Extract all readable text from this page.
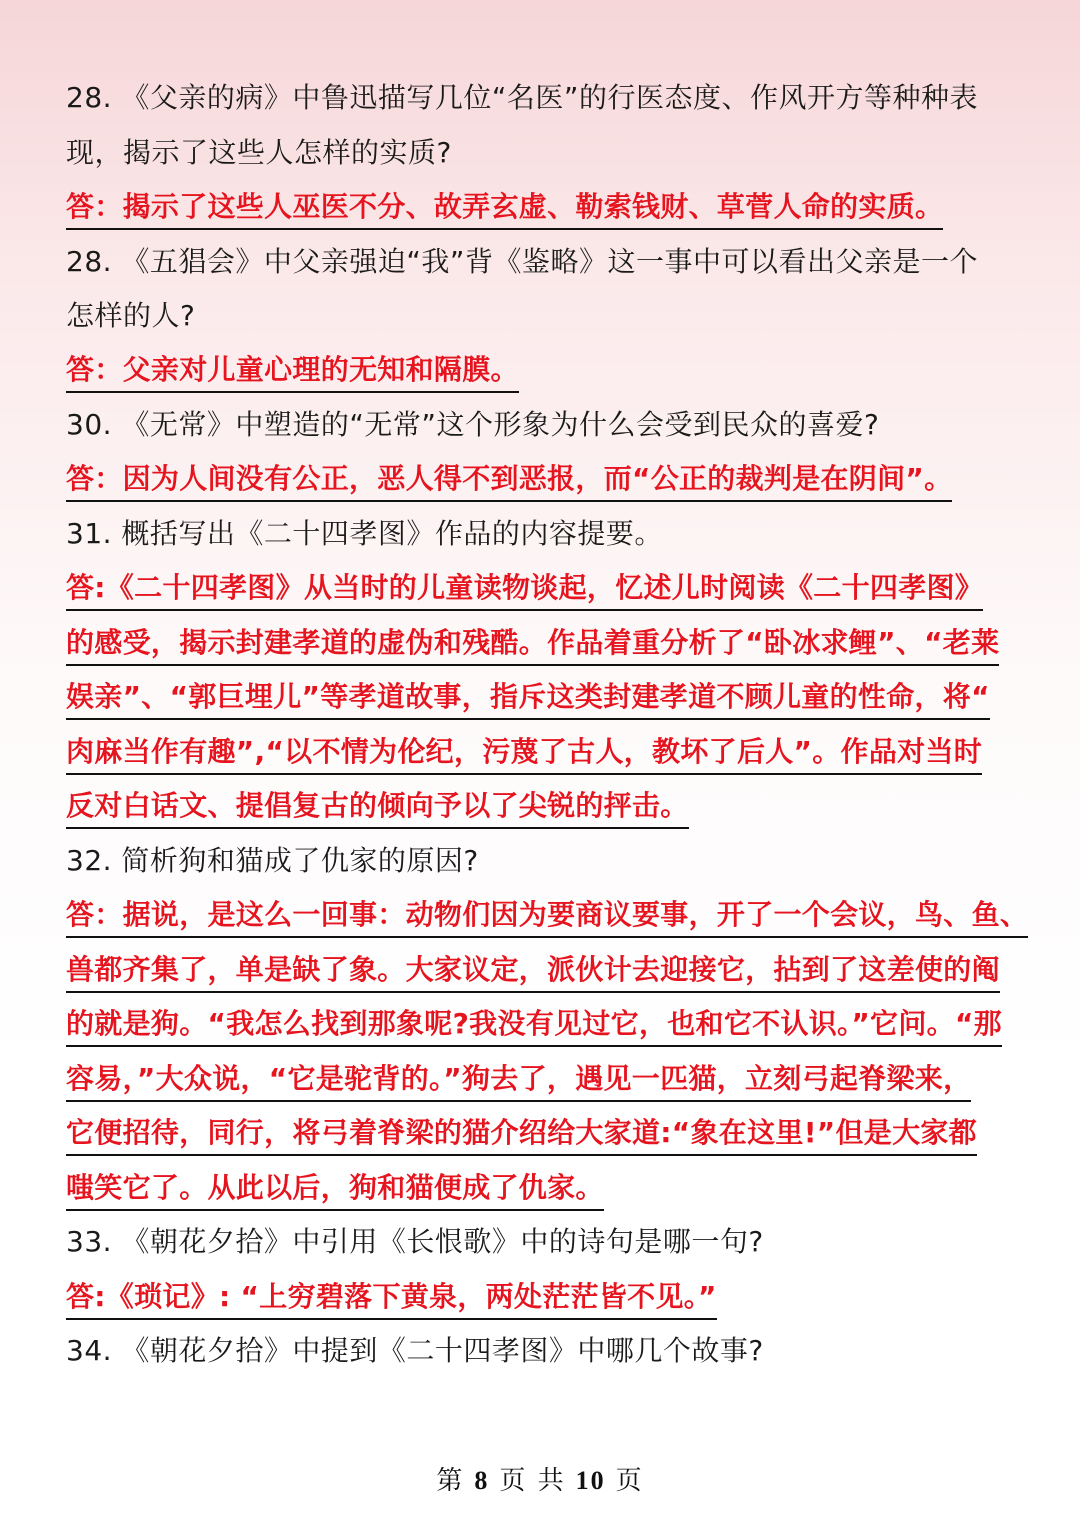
28. 《父亲的病》中鲁迅描写几位“名医”的行医态度、作风开方等种种表
现，揭示了这些人怎样的实质?
答：揭示了这些人巫医不分、故弄玄虚、勒索钱财、草菅人命的实质。
28. 《五猖会》中父亲强迫“我”背《鉴略》这一事中可以看出父亲是一个
怎样的人?
答：父亲对儿童心理的无知和隔膜。
30. 《无常》中塑造的“无常”这个形象为什么会受到民众的喜爱?
答：因为人间没有公正，恶人得不到恶报，而“公正的裁判是在阴间”。
31. 概括写出《二十四孝图》作品的内容提要。
答:《二十四孝图》从当时的儿童读物谈起，忆述儿时阅读《二十四孝图》
的感受，揭示封建孝道的虚伪和残酷。作品着重分析了“卧冰求鲤”、“老莱
娱亲”、“郭巨埋儿”等孝道故事，指斥这类封建孝道不顾儿童的性命，将“
肉麻当作有趣”,“以不情为伦纪，污蔑了古人，教坏了后人”。作品对当时
反对白话文、提倡复古的倾向予以了尖锐的抨击。
32. 简析狗和猫成了仇家的原因?
答：据说，是这么一回事：动物们因为要商议要事，开了一个会议，鸟、鱼、
兽都齐集了，单是缺了象。大家议定，派伙计去迎接它，拈到了这差使的阄
的就是狗。“我怎么找到那象呢?我没有见过它，也和它不认识。”它问。“那
容易，”大众说，“它是驼背的。”狗去了，遇见一匹猫，立刻弓起脊梁来，
它便招待，同行，将弓着脊梁的猫介绍给大家道:“象在这里!”但是大家都
嗤笑它了。从此以后，狗和猫便成了仇家。
33. 《朝花夕拾》中引用《长恨歌》中的诗句是哪一句?
答:《琐记》: “上穷碧落下黄泉，两处茫茫皆不见。”
34. 《朝花夕拾》中提到《二十四孝图》中哪几个故事?
第 8 页 共 10 页
